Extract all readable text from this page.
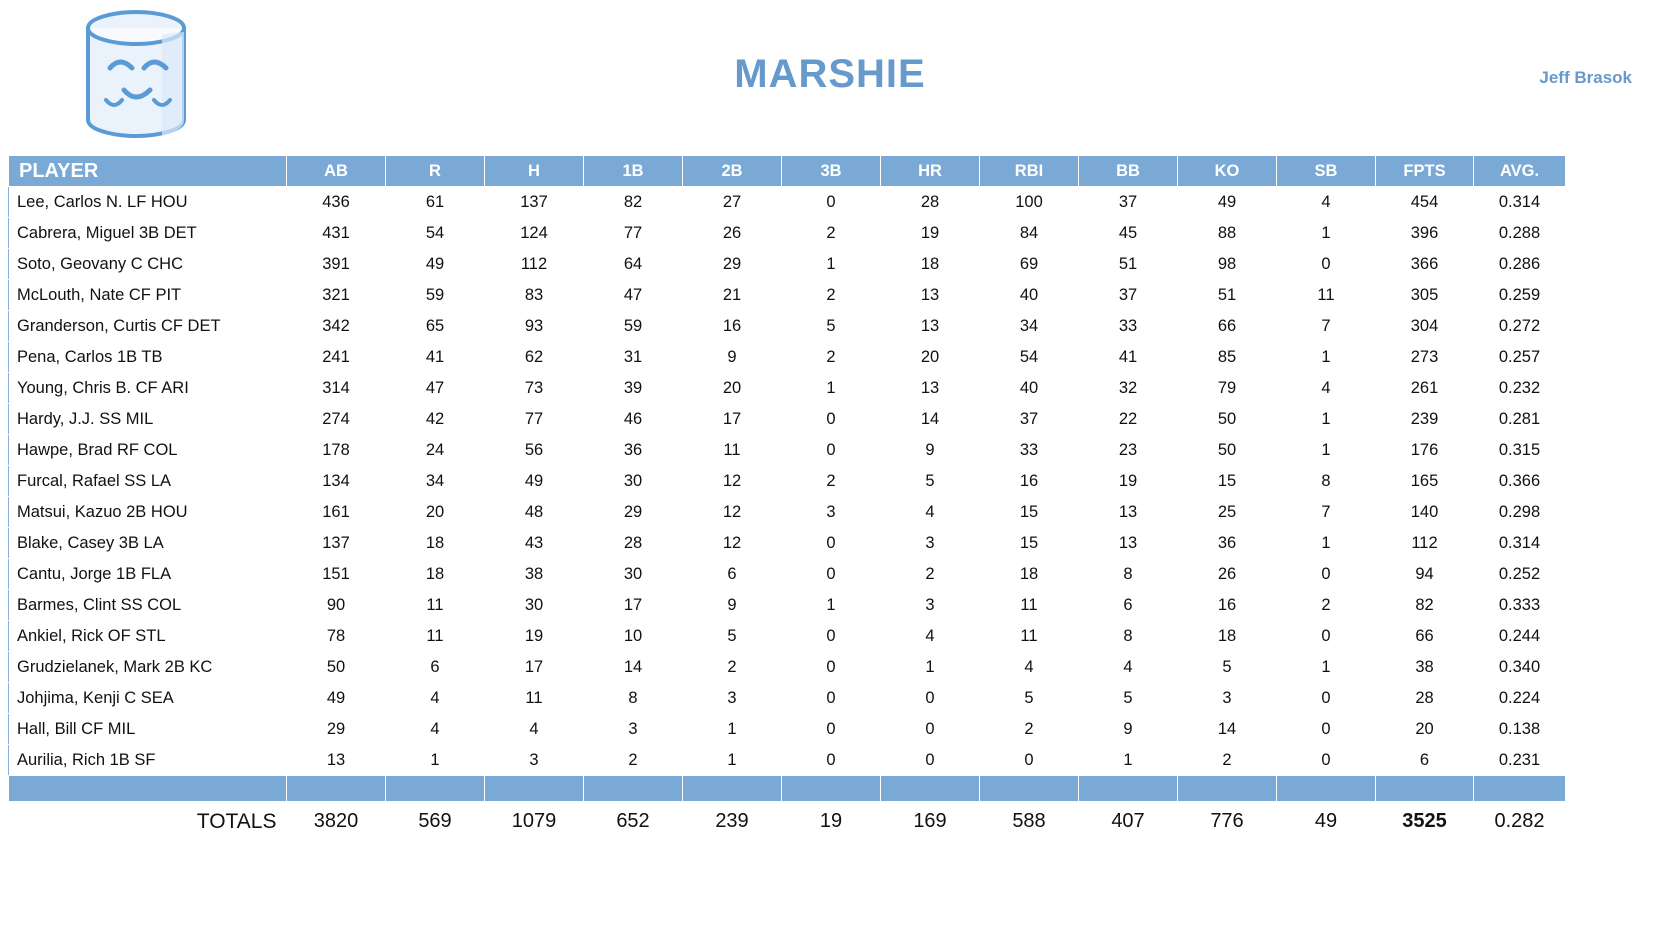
MARSHIE	Jeff Brasok
PLAYER	AB	R	H	1B	2B	3B	HR	RBI	BB	KO	SB	FPTS	AVG.
Lee, Carlos N. LF HOU	436	61	137	82	27	0	28	100	37	49	4	454	0.314
Cabrera, Miguel 3B DET	431	54	124	77	26	2	19	84	45	88	1	396	0.288
Soto, Geovany C CHC	391	49	112	64	29	1	18	69	51	98	0	366	0.286
McLouth, Nate CF PIT	321	59	83	47	21	2	13	40	37	51	11	305	0.259
Granderson, Curtis CF DET	342	65	93	59	16	5	13	34	33	66	7	304	0.272
Pena, Carlos 1B TB	241	41	62	31	9	2	20	54	41	85	1	273	0.257
Young, Chris B. CF ARI	314	47	73	39	20	1	13	40	32	79	4	261	0.232
Hardy, J.J. SS MIL	274	42	77	46	17	0	14	37	22	50	1	239	0.281
Hawpe, Brad RF COL	178	24	56	36	11	0	9	33	23	50	1	176	0.315
Furcal, Rafael SS LA	134	34	49	30	12	2	5	16	19	15	8	165	0.366
Matsui, Kazuo 2B HOU	161	20	48	29	12	3	4	15	13	25	7	140	0.298
Blake, Casey 3B LA	137	18	43	28	12	0	3	15	13	36	1	112	0.314
Cantu, Jorge 1B FLA	151	18	38	30	6	0	2	18	8	26	0	94	0.252
Barmes, Clint SS COL	90	11	30	17	9	1	3	11	6	16	2	82	0.333
Ankiel, Rick OF STL	78	11	19	10	5	0	4	11	8	18	0	66	0.244
Grudzielanek, Mark 2B KC	50	6	17	14	2	0	1	4	4	5	1	38	0.340
Johjima, Kenji C SEA	49	4	11	8	3	0	0	5	5	3	0	28	0.224
Hall, Bill CF MIL	29	4	4	3	1	0	0	2	9	14	0	20	0.138
Aurilia, Rich 1B SF	13	1	3	2	1	0	0	0	1	2	0	6	0.231

TOTALS	3820	569	1079	652	239	19	169	588	407	776	49	3525	0.282
